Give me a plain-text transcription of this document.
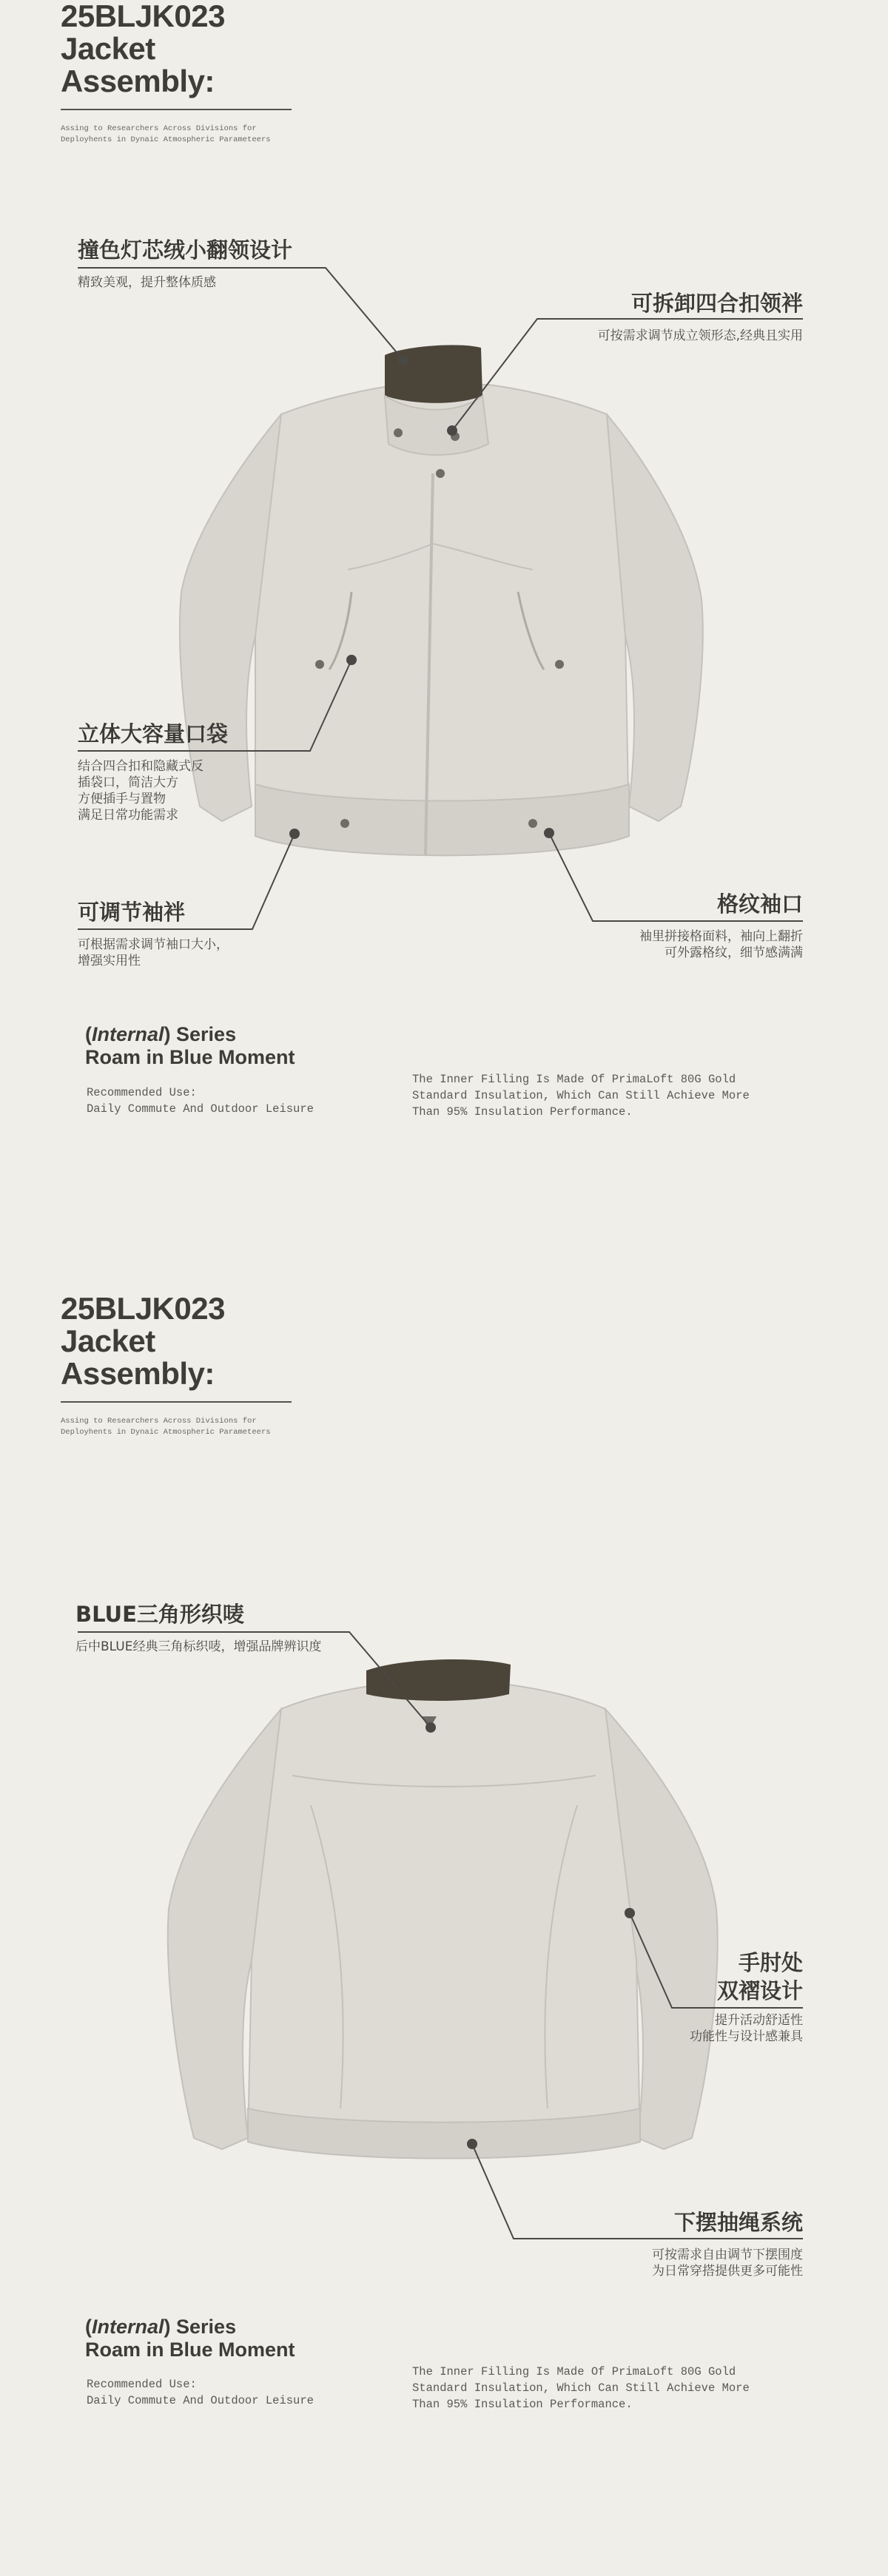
25BLJK023
Jacket
Assembly:
Assing to Researchers Across Divisions for
Deployhents in Dynaic Atmospheric Parameteers
撞色灯芯绒小翻领设计
精致美观，提升整体质感
可拆卸四合扣领袢
可按需求调节成立领形态,经典且实用
立体大容量口袋
结合四合扣和隐藏式反
插袋口，简洁大方
方便插手与置物
满足日常功能需求
可调节袖袢
可根据需求调节袖口大小，
增强实用性
格纹袖口
袖里拼接格面料，袖向上翻折
可外露格纹，细节感满满
(Internal) Series
Roam in Blue Moment
Recommended Use:
Daily Commute And Outdoor Leisure
The Inner Filling Is Made Of PrimaLoft 80G Gold
Standard Insulation, Which Can Still Achieve More
Than 95% Insulation Performance.
25BLJK023
Jacket
Assembly:
Assing to Researchers Across Divisions for
Deployhents in Dynaic Atmospheric Parameteers
BLUE三角形织唛
后中BLUE经典三角标织唛，增强品牌辨识度
手肘处
双褶设计
提升活动舒适性
功能性与设计感兼具
下摆抽绳系统
可按需求自由调节下摆围度
为日常穿搭提供更多可能性
(Internal) Series
Roam in Blue Moment
Recommended Use:
Daily Commute And Outdoor Leisure
The Inner Filling Is Made Of PrimaLoft 80G Gold
Standard Insulation, Which Can Still Achieve More
Than 95% Insulation Performance.
